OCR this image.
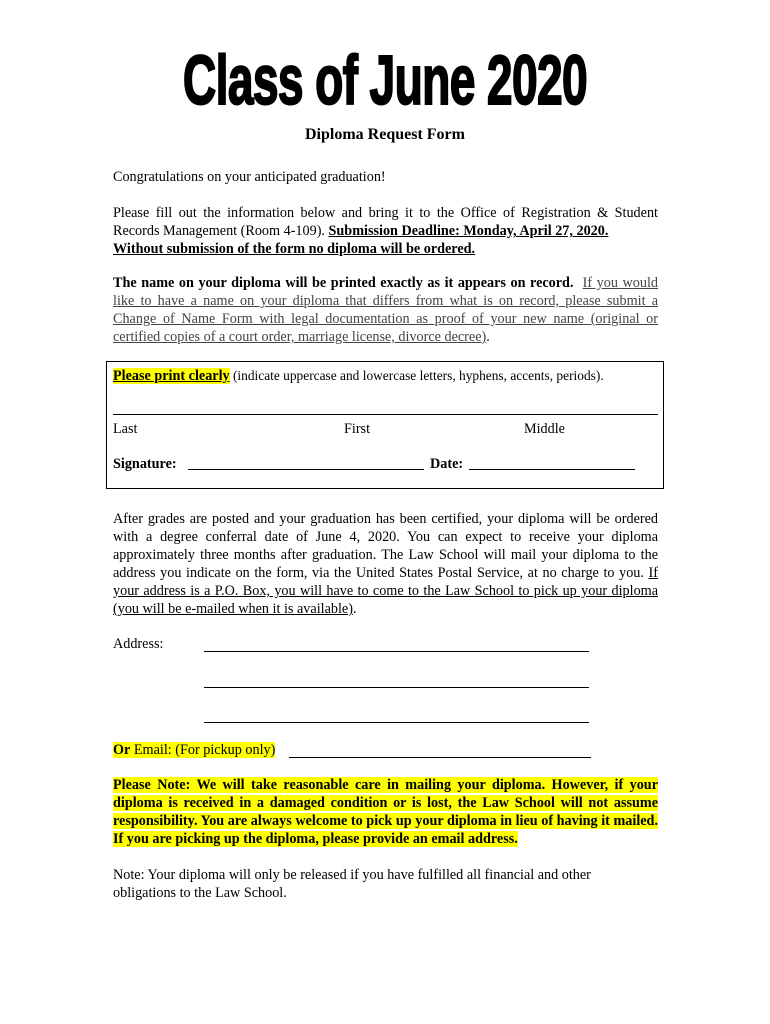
Class of June 2020
Diploma Request Form
Congratulations on your anticipated graduation!
Please fill out the information below and bring it to the Office of Registration & Student Records Management (Room 4-109). Submission Deadline: Monday, April 27, 2020.
Without submission of the form no diploma will be ordered.
The name on your diploma will be printed exactly as it appears on record. If you would like to have a name on your diploma that differs from what is on record, please submit a Change of Name Form with legal documentation as proof of your new name (original or certified copies of a court order, marriage license, divorce decree).
Please print clearly (indicate uppercase and lowercase letters, hyphens, accents, periods).
Last	First	Middle
Signature:	Date:
After grades are posted and your graduation has been certified, your diploma will be ordered with a degree conferral date of June 4, 2020. You can expect to receive your diploma approximately three months after graduation. The Law School will mail your diploma to the address you indicate on the form, via the United States Postal Service, at no charge to you. If your address is a P.O. Box, you will have to come to the Law School to pick up your diploma (you will be e-mailed when it is available).
Address:
Or Email: (For pickup only)
Please Note: We will take reasonable care in mailing your diploma. However, if your diploma is received in a damaged condition or is lost, the Law School will not assume responsibility. You are always welcome to pick up your diploma in lieu of having it mailed. If you are picking up the diploma, please provide an email address.
Note: Your diploma will only be released if you have fulfilled all financial and other obligations to the Law School.
